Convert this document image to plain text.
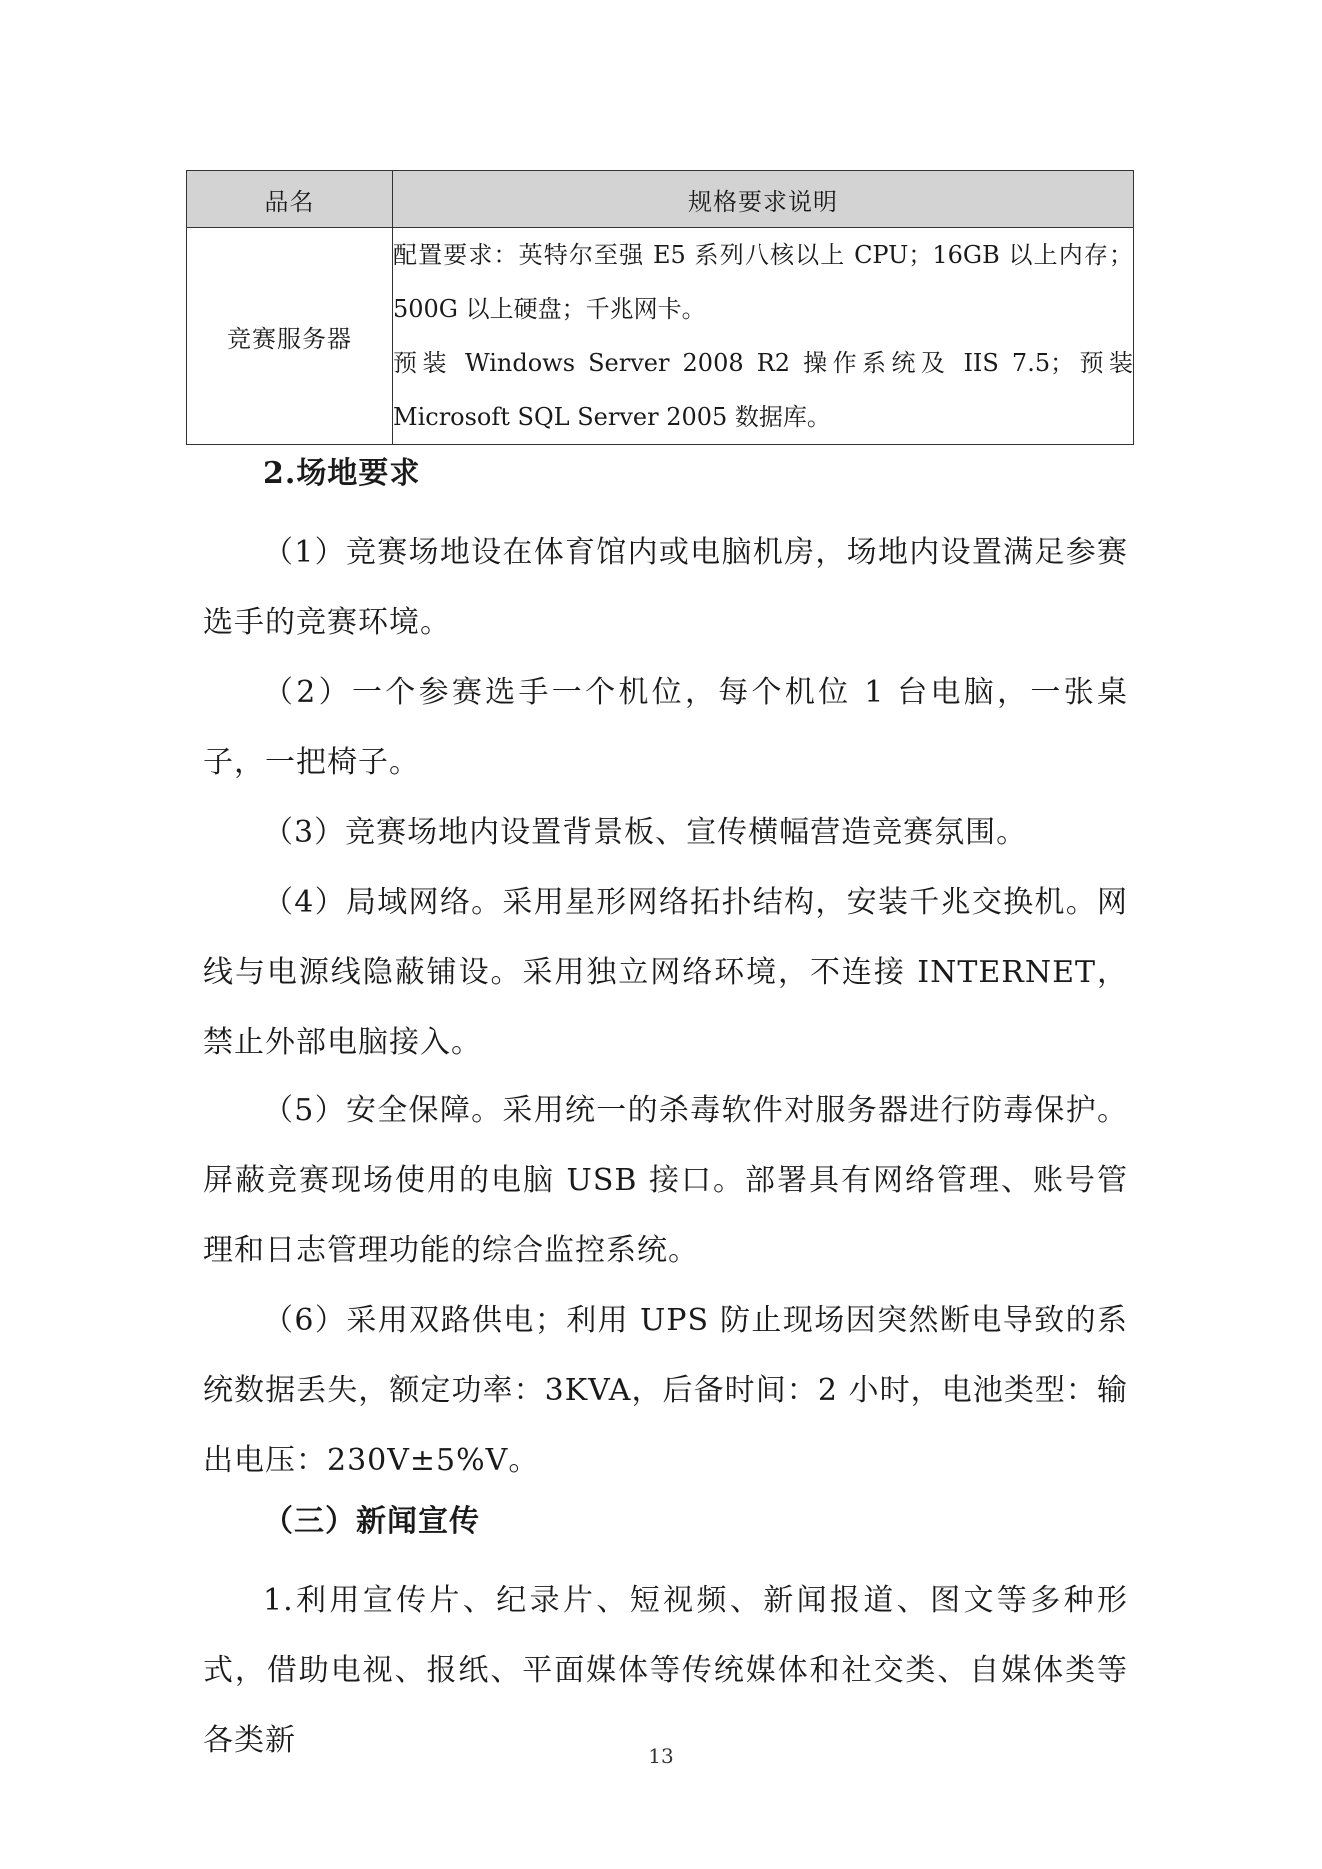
品名	规格要求说明
竞赛服务器	配置要求：英特尔至强 E5 系列八核以上 CPU；16GB 以上内存；500G 以上硬盘；千兆网卡。

预装 Windows Server 2008 R2 操作系统及 IIS 7.5；预装 Microsoft SQL Server 2005 数据库。

2.场地要求

（1）竞赛场地设在体育馆内或电脑机房，场地内设置满足参赛选手的竞赛环境。

（2）一个参赛选手一个机位，每个机位 1 台电脑，一张桌子，一把椅子。

（3）竞赛场地内设置背景板、宣传横幅营造竞赛氛围。

（4）局域网络。采用星形网络拓扑结构，安装千兆交换机。网线与电源线隐蔽铺设。采用独立网络环境，不连接 INTERNET，禁止外部电脑接入。

（5）安全保障。采用统一的杀毒软件对服务器进行防毒保护。屏蔽竞赛现场使用的电脑 USB 接口。部署具有网络管理、账号管理和日志管理功能的综合监控系统。

（6）采用双路供电；利用 UPS 防止现场因突然断电导致的系统数据丢失，额定功率：3KVA，后备时间：2 小时，电池类型：输出电压：230V±5%V。

（三）新闻宣传

1.利用宣传片、纪录片、短视频、新闻报道、图文等多种形式，借助电视、报纸、平面媒体等传统媒体和社交类、自媒体类等各类新	13
